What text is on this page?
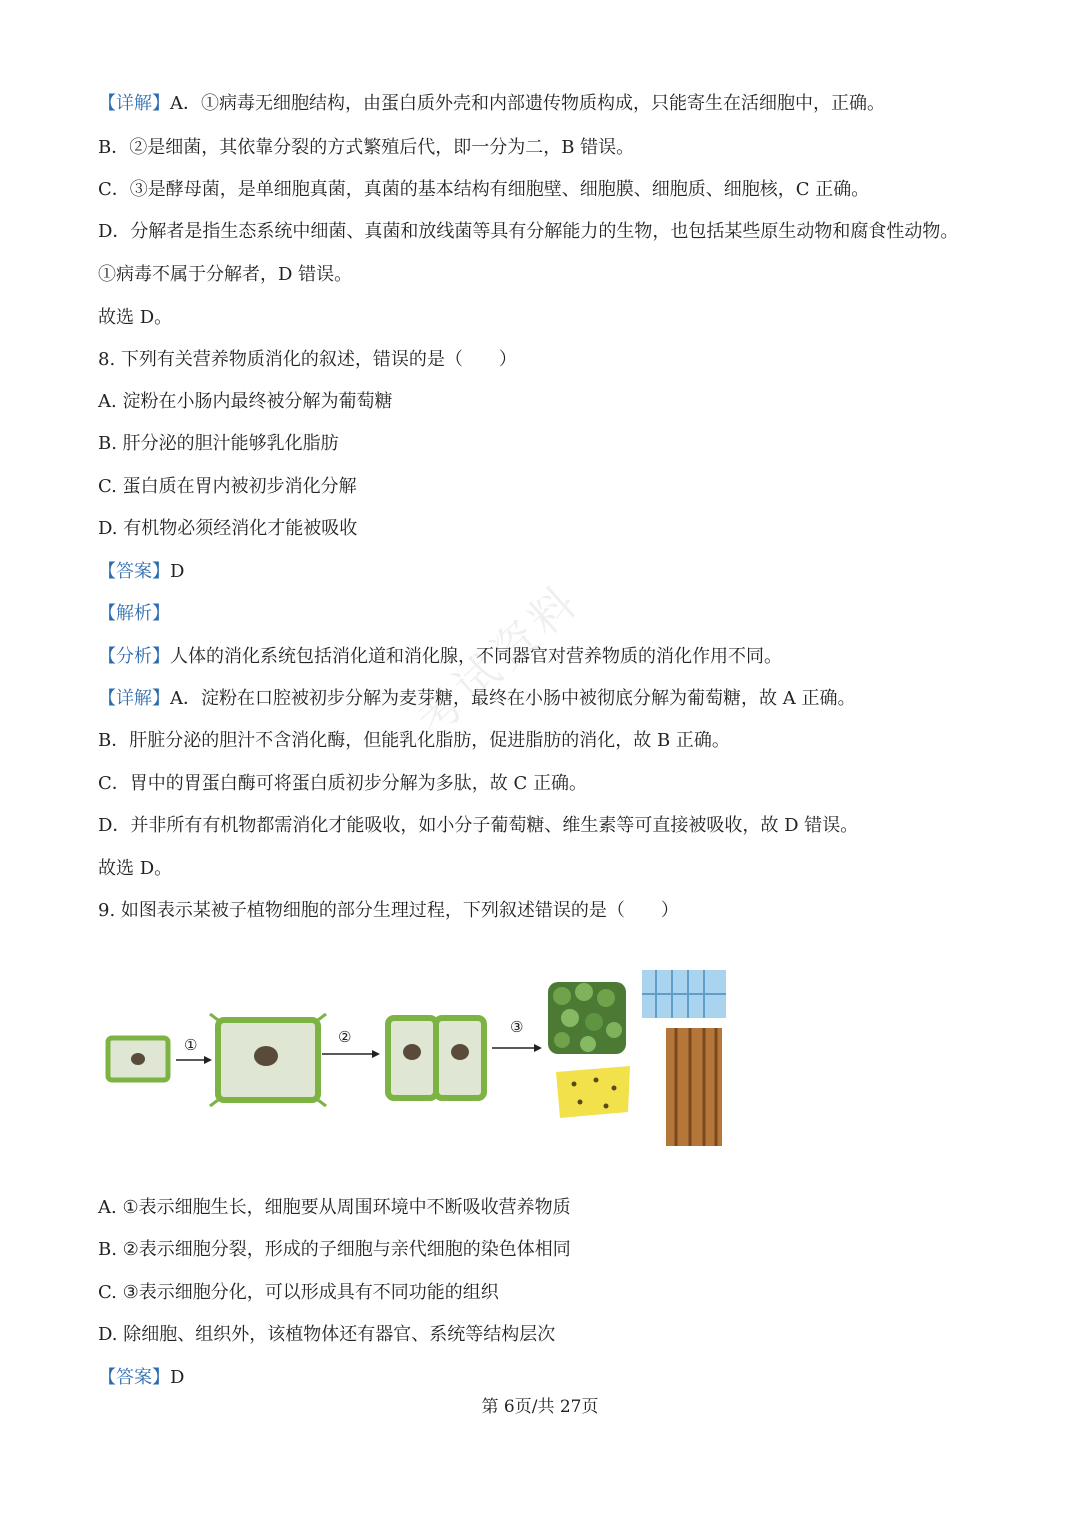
考试资料
【详解】A．①病毒无细胞结构，由蛋白质外壳和内部遗传物质构成，只能寄生在活细胞中，正确。
B．②是细菌，其依靠分裂的方式繁殖后代，即一分为二，B 错误。
C．③是酵母菌，是单细胞真菌，真菌的基本结构有细胞壁、细胞膜、细胞质、细胞核，C 正确。
D．分解者是指生态系统中细菌、真菌和放线菌等具有分解能力的生物，也包括某些原生动物和腐食性动物。
①病毒不属于分解者，D 错误。
故选 D。
8. 下列有关营养物质消化的叙述，错误的是（　　）
A. 淀粉在小肠内最终被分解为葡萄糖
B. 肝分泌的胆汁能够乳化脂肪
C. 蛋白质在胃内被初步消化分解
D. 有机物必须经消化才能被吸收
【答案】D
【解析】
【分析】人体的消化系统包括消化道和消化腺，不同器官对营养物质的消化作用不同。
【详解】A．淀粉在口腔被初步分解为麦芽糖，最终在小肠中被彻底分解为葡萄糖，故 A 正确。
B．肝脏分泌的胆汁不含消化酶，但能乳化脂肪，促进脂肪的消化，故 B 正确。
C．胃中的胃蛋白酶可将蛋白质初步分解为多肽，故 C 正确。
D．并非所有有机物都需消化才能吸收，如小分子葡萄糖、维生素等可直接被吸收，故 D 错误。
故选 D。
9. 如图表示某被子植物细胞的部分生理过程，下列叙述错误的是（　　）
①	②
③
A. ①表示细胞生长，细胞要从周围环境中不断吸收营养物质
B. ②表示细胞分裂，形成的子细胞与亲代细胞的染色体相同
C. ③表示细胞分化，可以形成具有不同功能的组织
D. 除细胞、组织外，该植物体还有器官、系统等结构层次
【答案】D
第 6页/共 27页
